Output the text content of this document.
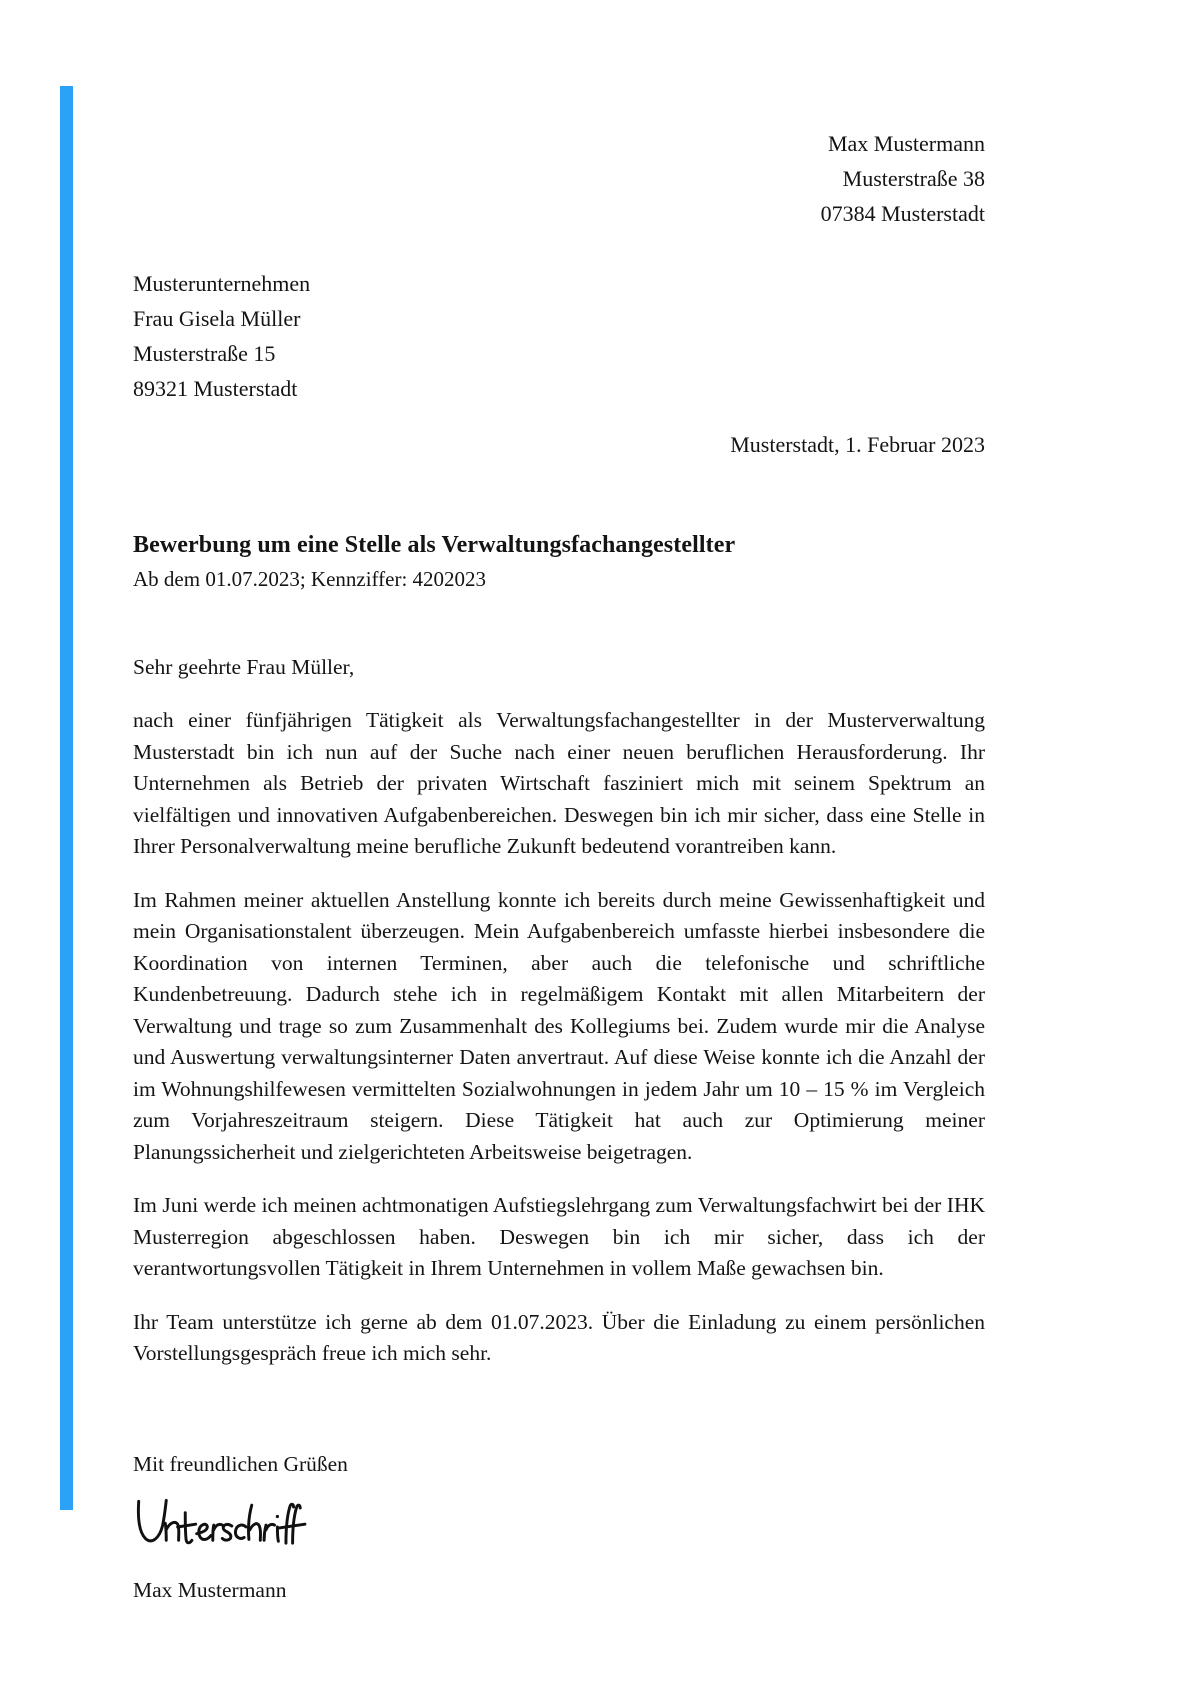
Max Mustermann
Musterstraße 38
07384 Musterstadt
Musterunternehmen
Frau Gisela Müller
Musterstraße 15
89321 Musterstadt
Musterstadt, 1. Februar 2023
Bewerbung um eine Stelle als Verwaltungsfachangestellter
Ab dem 01.07.2023; Kennziffer: 4202023
Sehr geehrte Frau Müller,

nach einer fünfjährigen Tätigkeit als Verwaltungsfachangestellter in der Musterverwaltung Musterstadt bin ich nun auf der Suche nach einer neuen beruflichen Herausforderung. Ihr Unternehmen als Betrieb der privaten Wirtschaft fasziniert mich mit seinem Spektrum an vielfältigen und innovativen Aufgabenbereichen. Deswegen bin ich mir sicher, dass eine Stelle in Ihrer Personalverwaltung meine berufliche Zukunft bedeutend vorantreiben kann.

Im Rahmen meiner aktuellen Anstellung konnte ich bereits durch meine Gewissenhaftigkeit und mein Organisationstalent überzeugen. Mein Aufgabenbereich umfasste hierbei insbesondere die Koordination von internen Terminen, aber auch die telefonische und schriftliche Kundenbetreuung. Dadurch stehe ich in regelmäßigem Kontakt mit allen Mitarbeitern der Verwaltung und trage so zum Zusammenhalt des Kollegiums bei. Zudem wurde mir die Analyse und Auswertung verwaltungsinterner Daten anvertraut. Auf diese Weise konnte ich die Anzahl der im Wohnungshilfewesen vermittelten Sozialwohnungen in jedem Jahr um 10 – 15 % im Vergleich zum Vorjahreszeitraum steigern. Diese Tätigkeit hat auch zur Optimierung meiner Planungssicherheit und zielgerichteten Arbeitsweise beigetragen.

Im Juni werde ich meinen achtmonatigen Aufstiegslehrgang zum Verwaltungsfachwirt bei der IHK Musterregion abgeschlossen haben. Deswegen bin ich mir sicher, dass ich der verantwortungsvollen Tätigkeit in Ihrem Unternehmen in vollem Maße gewachsen bin.

Ihr Team unterstütze ich gerne ab dem 01.07.2023. Über die Einladung zu einem persönlichen Vorstellungsgespräch freue ich mich sehr.

Mit freundlichen Grüßen
Max Mustermann
